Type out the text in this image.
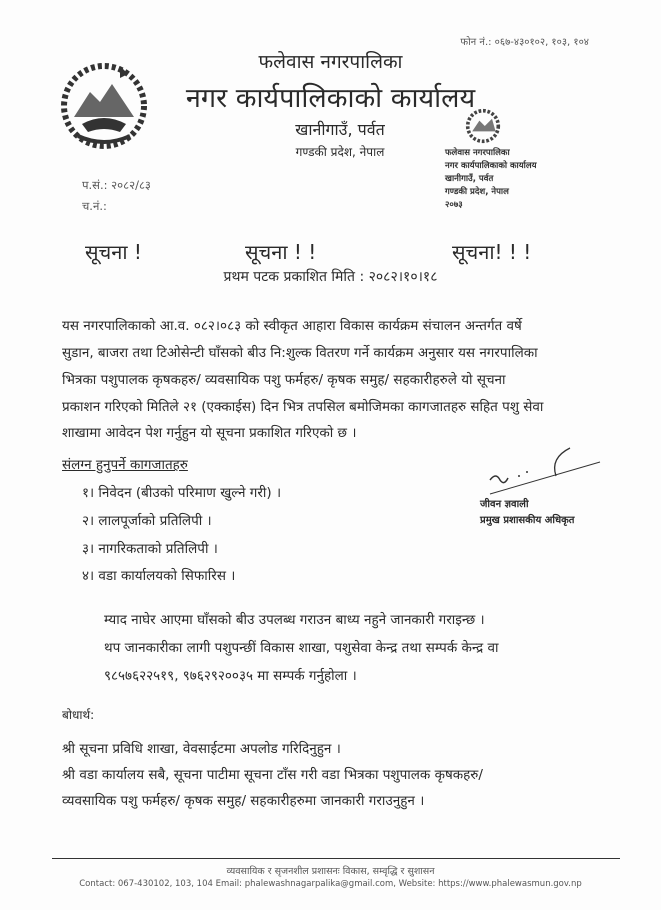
फोन नं.: ०६७-४३०१०२, १०३, १०४
फलेवास नगरपालिका
नगर कार्यपालिकाको कार्यालय
खानीगाउँ, पर्वत
गण्डकी प्रदेश, नेपाल	फलेवास नगरपालिका
नगर कार्यपालिकाको कार्यालय
खानीगाउँ, पर्वत
गण्डकी प्रदेश, नेपाल
२०७३
प.सं.: २०८२/८३
च.नं.:
सूचना !	सूचना ! !	सूचना! ! !
प्रथम पटक प्रकाशित मिति : २०८२।१०।१८
यस नगरपालिकाको आ.व. ०८२।०८३ को स्वीकृत आहारा विकास कार्यक्रम संचालन अन्तर्गत वर्षे
सुडान, बाजरा तथा टिओसेन्टी घाँसको बीउ नि:शुल्क वितरण गर्ने कार्यक्रम अनुसार यस नगरपालिका
भित्रका पशुपालक कृषकहरु/ व्यवसायिक पशु फर्महरु/ कृषक समुह/ सहकारीहरुले यो सूचना
प्रकाशन गरिएको मितिले २१ (एक्काईस) दिन भित्र तपसिल बमोजिमका कागजातहरु सहित पशु सेवा
शाखामा आवेदन पेश गर्नुहुन यो सूचना प्रकाशित गरिएको छ ।
संलग्न हुनुपर्ने कागजातहरु
१। निवेदन (बीउको परिमाण खुल्ने गरी) ।
२। लालपूर्जाको प्रतिलिपी ।
३। नागरिकताको प्रतिलिपी ।
४। वडा कार्यालयको सिफारिस ।
जीवन ज्ञवाली
प्रमुख प्रशासकीय अधिकृत
म्याद नाघेर आएमा घाँसको बीउ उपलब्ध गराउन बाध्य नहुने जानकारी गराइन्छ ।
थप जानकारीका लागी पशुपन्छीं विकास शाखा, पशुसेवा केन्द्र तथा सम्पर्क केन्द्र वा
९८५७६२२५१९, ९७६२९२००३५ मा सम्पर्क गर्नुहोला ।
बोधार्थ:
श्री सूचना प्रविधि शाखा, वेवसाईटमा अपलोड गरिदिनुहुन ।
श्री वडा कार्यालय सबै, सूचना पाटीमा सूचना टाँस गरी वडा भित्रका पशुपालक कृषकहरु/
व्यवसायिक पशु फर्महरु/ कृषक समुह/ सहकारीहरुमा जानकारी गराउनुहुन ।
व्यवसायिक र सृजनशील प्रशासनः विकास, सम्वृद्धि र सुशासन
Contact: 067-430102, 103, 104 Email: phalewashnagarpalika@gmail.com, Website: https://www.phalewasmun.gov.np
